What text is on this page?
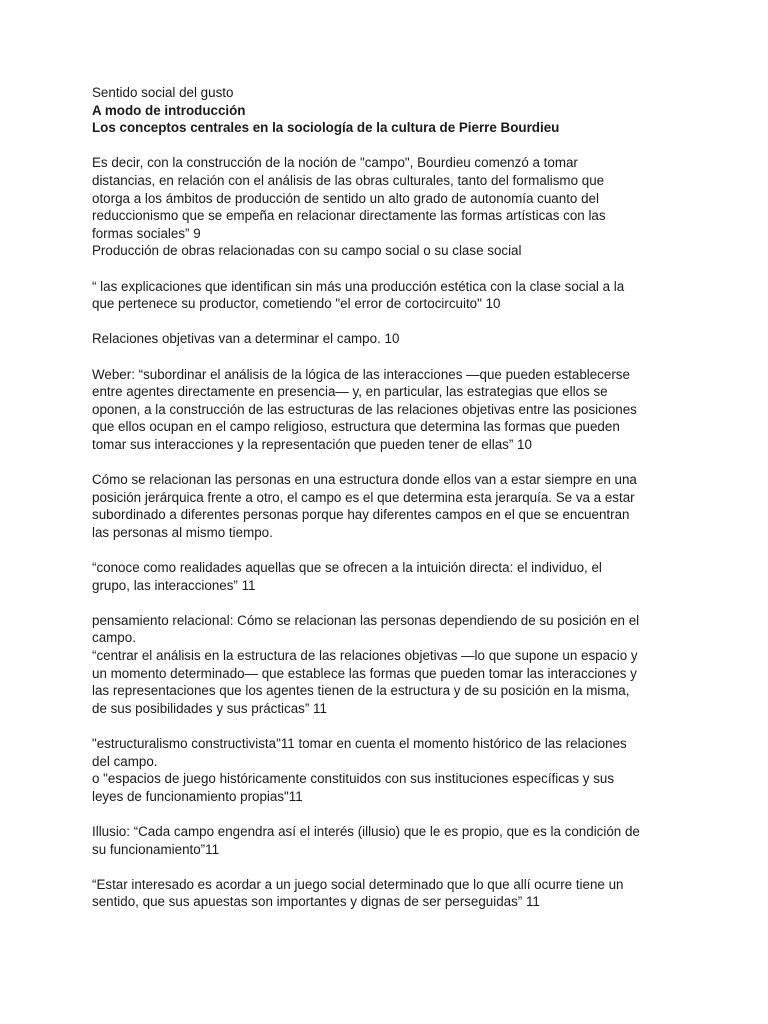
Sentido social del gusto
A modo de introducción
Los conceptos centrales en la sociología de la cultura de Pierre Bourdieu
Es decir, con la construcción de la noción de "campo", Bourdieu comenzó a tomar
distancias, en relación con el análisis de las obras culturales, tanto del formalismo que
otorga a los ámbitos de producción de sentido un alto grado de autonomía cuanto del
reduccionismo que se empeña en relacionar directamente las formas artísticas con las
formas sociales” 9
Producción de obras relacionadas con su campo social o su clase social
“ las explicaciones que identifican sin más una producción estética con la clase social a la
que pertenece su productor, cometiendo "el error de cortocircuito" 10
Relaciones objetivas van a determinar el campo. 10
Weber: “subordinar el análisis de la lógica de las interacciones —que pueden establecerse
entre agentes directamente en presencia— y, en particular, las estrategias que ellos se
oponen, a la construcción de las estructuras de las relaciones objetivas entre las posiciones
que ellos ocupan en el campo religioso, estructura que determina las formas que pueden
tomar sus interacciones y la representación que pueden tener de ellas” 10
Cómo se relacionan las personas en una estructura donde ellos van a estar siempre en una
posición jerárquica frente a otro, el campo es el que determina esta jerarquía. Se va a estar
subordinado a diferentes personas porque hay diferentes campos en el que se encuentran
las personas al mismo tiempo.
“conoce como realidades aquellas que se ofrecen a la intuición directa: el individuo, el
grupo, las interacciones” 11
pensamiento relacional: Cómo se relacionan las personas dependiendo de su posición en el
campo.
“centrar el análisis en la estructura de las relaciones objetivas —lo que supone un espacio y
un momento determinado— que establece las formas que pueden tomar las interacciones y
las representaciones que los agentes tienen de la estructura y de su posición en la misma,
de sus posibilidades y sus prácticas” 11
"estructuralismo constructivista"11 tomar en cuenta el momento histórico de las relaciones
del campo.
o "espacios de juego históricamente constituidos con sus instituciones específicas y sus
leyes de funcionamiento propias"11
Illusio: “Cada campo engendra así el interés (illusio) que le es propio, que es la condición de
su funcionamiento”11
“Estar interesado es acordar a un juego social determinado que lo que allí ocurre tiene un
sentido, que sus apuestas son importantes y dignas de ser perseguidas” 11
